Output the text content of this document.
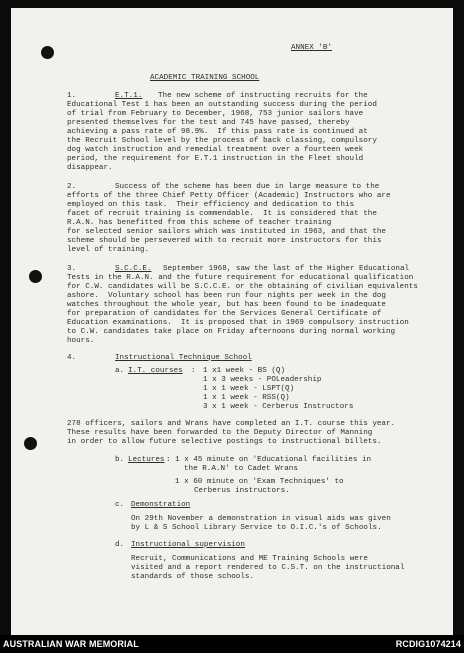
ANNEX 'B'

ACADEMIC TRAINING SCHOOL

1.	E.T.1. The new scheme of instructing recruits for the

Educational Test 1 has been an outstanding success during the period

of trial from February to December, 1968, 753 junior sailors have

presented themselves for the test and 745 have passed, thereby

achieving a pass rate of 98.9%.  If this pass rate is continued at

the Recruit School level by the process of back classing, compulsory

dog watch instruction and remedial treatment over a fourteen week

period, the requirement for E.T.1 instruction in the Fleet should

disappear.

2.	Success of the scheme has been due in large measure to the

efforts of the three Chief Petty Officer (Academic) Instructors who are

employed on this task.  Their efficiency and dedication to this

facet of recruit training is commendable.  It is considered that the

R.A.N. has benefitted from this scheme of teacher training

for selected senior sailors which was instituted in 1963, and that the

scheme should be persevered with to recruit more instructors for this

level of training.

3.	S.C.C.E. September 1968, saw the last of the Higher Educational

Tests in the R.A.N. and the future requirement for educational qualification

for C.W. candidates will be S.C.C.E. or the obtaining of civilian equivalents

ashore.  Voluntary school has been run four nights per week in the dog

watches throughout the whole year, but has been found to be inadequate

for preparation of candidates for the Services General Certificate of

Education examinations.  It is proposed that in 1969 compulsory instruction

to C.W. candidates take place on Friday afternoons during normal working

hours.

4.	Instructional Technique School

a. I.T. courses : 1 x1 week - BS (Q)

1 x 3 weeks - POLeadership

1 x 1 week - LSPT(Q)

1 x 1 week - RSS(Q)

3 x 1 week - Cerberus Instructors

278 officers, sailors and Wrans have completed an I.T. course this year.

These results have been forwarded to the Deputy Director of Manning

in order to allow future selective postings to instructional billets.

b. Lectures : 1 x 45 minute on 'Educational facilities in

the R.A.N' to Cadet Wrans

1 x 60 minute on 'Exam Techniques' to

Cerberus instructors.

c. Demonstration

On 29th November a demonstration in visual aids was given

by L & S School Library Service to O.I.C.'s of Schools.

d. Instructional supervision

Recruit, Communications and ME Training Schools were

visited and a report rendered to C.S.T. on the instructional

standards of those schools.

AUSTRALIAN WAR MEMORIAL	RCDIG1074214
